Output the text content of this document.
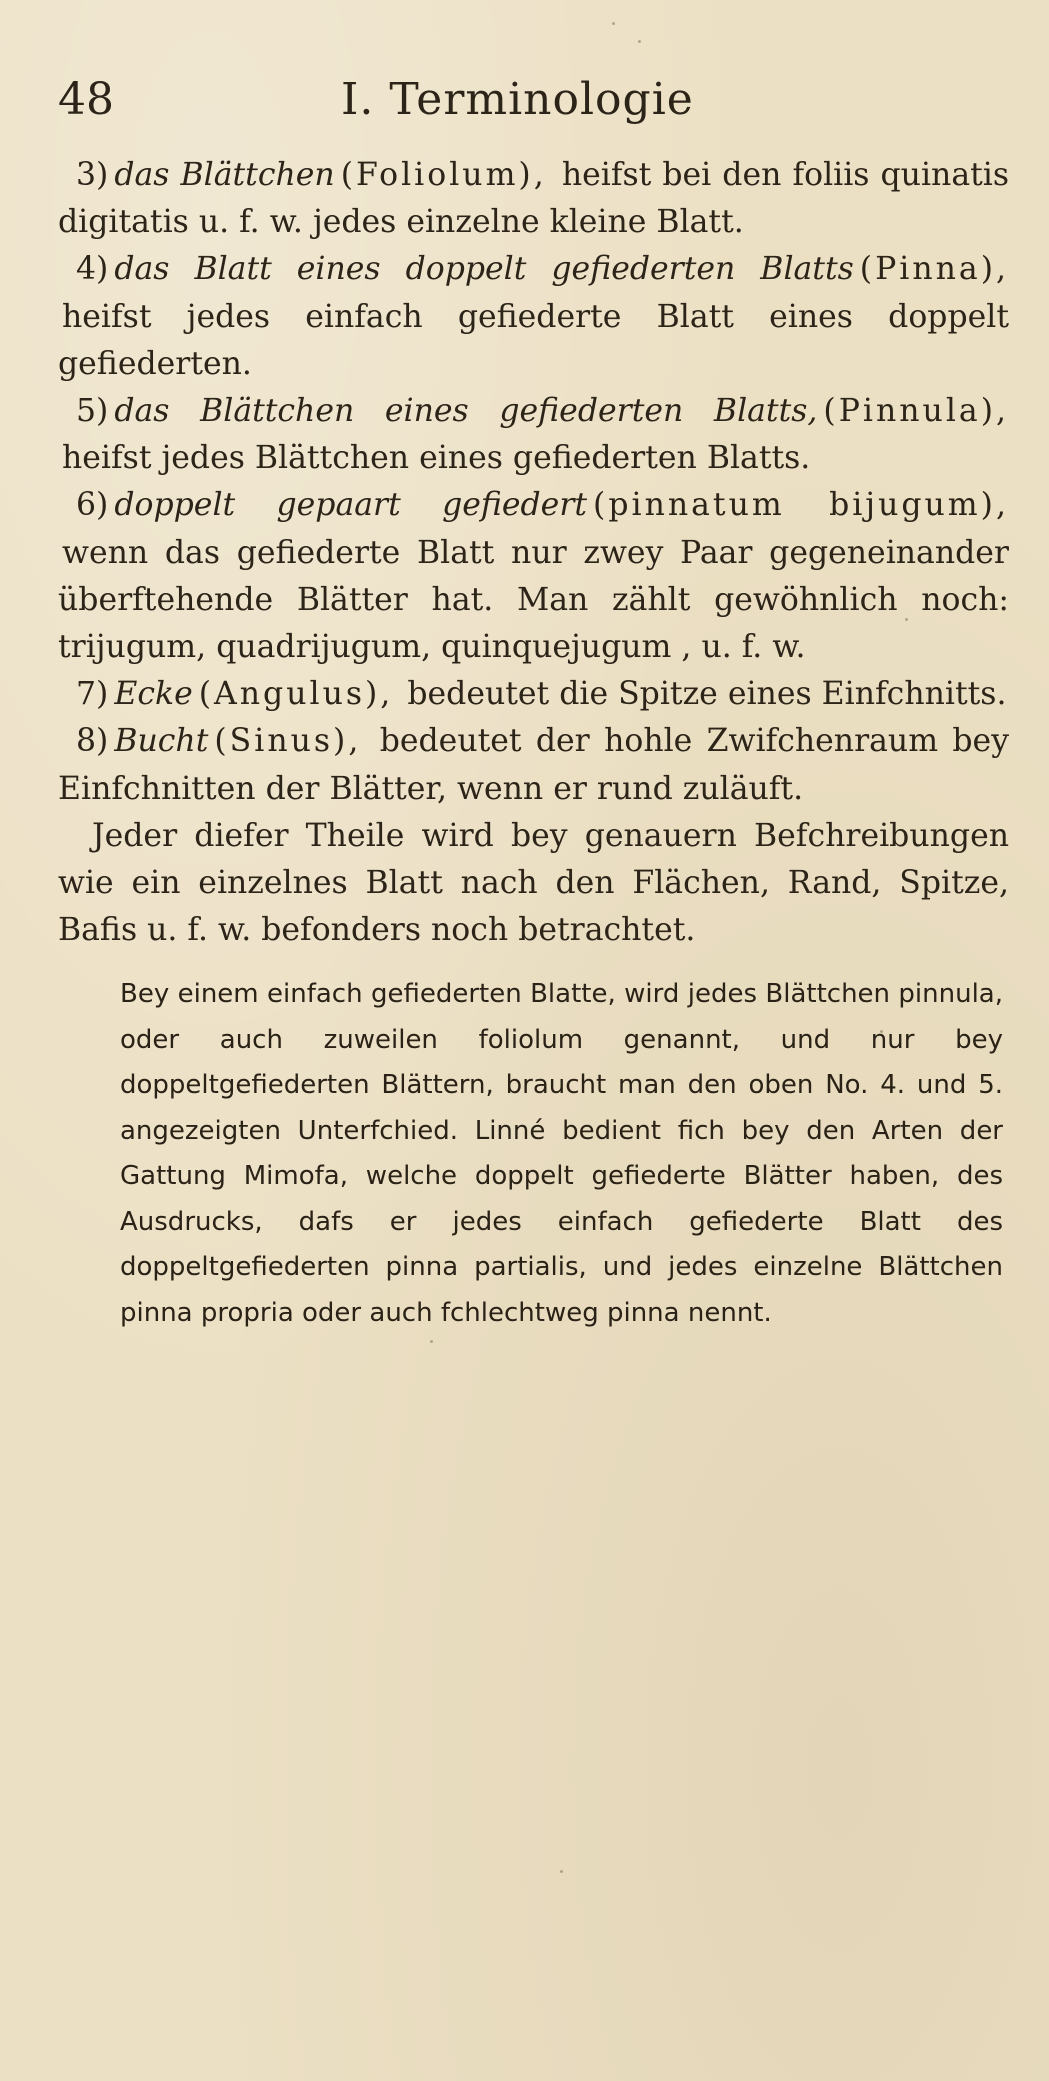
48	I. Terminologie

3) das Blättchen (Foliolum), heifst bei den foliis quinatis digitatis u. f. w. jedes einzelne kleine Blatt.

4) das Blatt eines doppelt gefiederten Blatts (Pinna), heifst jedes einfach gefiederte Blatt eines doppelt gefiederten.

5) das Blättchen eines gefiederten Blatts, (Pinnula), heifst jedes Blättchen eines gefiederten Blatts.

6) doppelt gepaart gefiedert (pinnatum bijugum), wenn das gefiederte Blatt nur zwey Paar gegeneinander überftehende Blätter hat. Man zählt gewöhnlich noch: trijugum, quadrijugum, quinquejugum , u. f. w.

7) Ecke (Angulus), bedeutet die Spitze eines Einfchnitts.

8) Bucht (Sinus), bedeutet der hohle Zwifchenraum bey Einfchnitten der Blätter, wenn er rund zuläuft.

Jeder diefer Theile wird bey genauern Befchreibungen wie ein einzelnes Blatt nach den Flächen, Rand, Spitze, Bafis u. f. w. befonders noch betrachtet.

Bey einem einfach gefiederten Blatte, wird jedes Blättchen pinnula, oder auch zuweilen foliolum genannt, und nur bey doppeltgefiederten Blättern, braucht man den oben No. 4. und 5. angezeigten Unterfchied. Linné bedient fich bey den Arten der Gattung Mimofa, welche doppelt gefiederte Blätter haben, des Ausdrucks, dafs er jedes einfach gefiederte Blatt des doppeltgefiederten pinna partialis, und jedes einzelne Blättchen pinna propria oder auch fchlechtweg pinna nennt.
